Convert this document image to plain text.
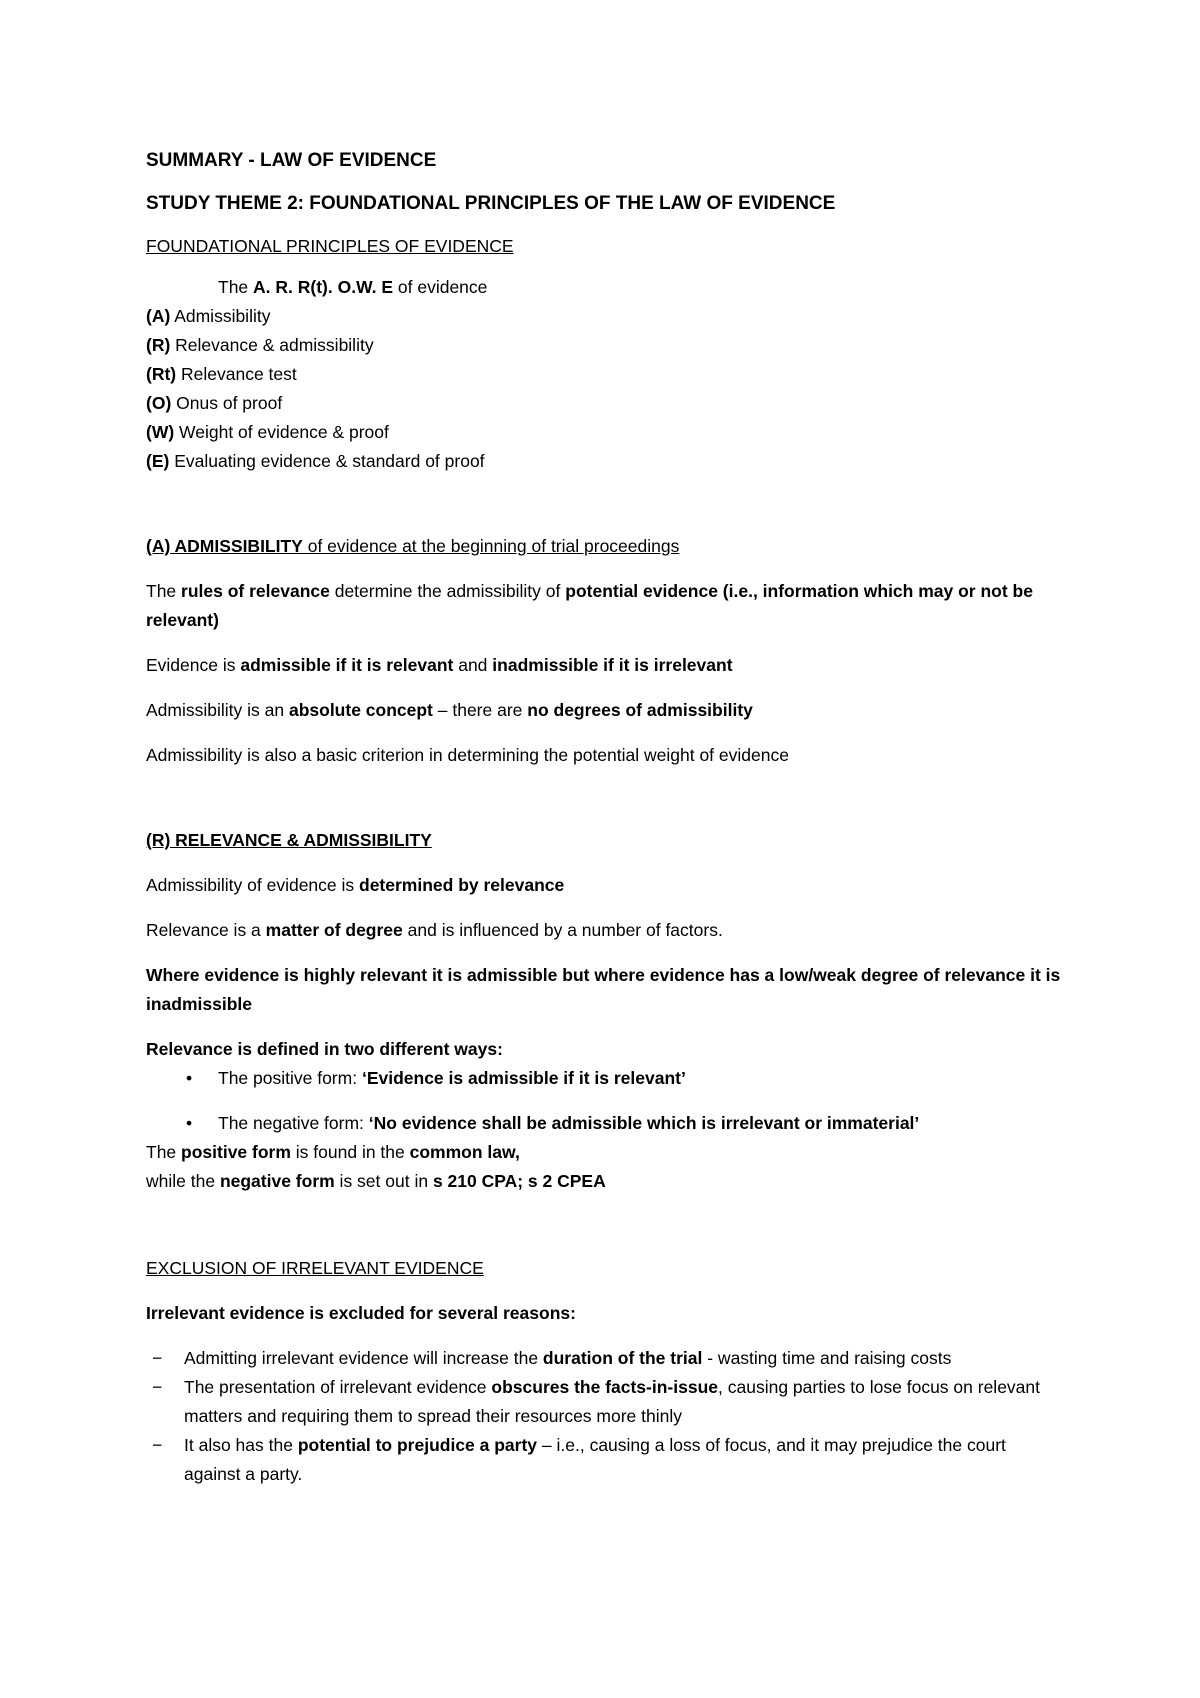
SUMMARY - LAW OF EVIDENCE

STUDY THEME 2: FOUNDATIONAL PRINCIPLES OF THE LAW OF EVIDENCE

FOUNDATIONAL PRINCIPLES OF EVIDENCE

The A. R. R(t). O.W. E of evidence

(A) Admissibility
(R) Relevance & admissibility
(Rt) Relevance test
(O) Onus of proof
(W) Weight of evidence & proof
(E) Evaluating evidence & standard of proof

(A) ADMISSIBILITY of evidence at the beginning of trial proceedings

The rules of relevance determine the admissibility of potential evidence (i.e., information which may or not be relevant)

Evidence is admissible if it is relevant and inadmissible if it is irrelevant

Admissibility is an absolute concept – there are no degrees of admissibility

Admissibility is also a basic criterion in determining the potential weight of evidence

(R) RELEVANCE & ADMISSIBILITY

Admissibility of evidence is determined by relevance

Relevance is a matter of degree and is influenced by a number of factors.

Where evidence is highly relevant it is admissible but where evidence has a low/weak degree of relevance it is inadmissible

Relevance is defined in two different ways:

• The positive form: ‘Evidence is admissible if it is relevant’
• The negative form: ‘No evidence shall be admissible which is irrelevant or immaterial’

The positive form is found in the common law,

while the negative form is set out in s 210 CPA; s 2 CPEA

EXCLUSION OF IRRELEVANT EVIDENCE

Irrelevant evidence is excluded for several reasons:

− Admitting irrelevant evidence will increase the duration of the trial - wasting time and raising costs
− The presentation of irrelevant evidence obscures the facts-in-issue, causing parties to lose focus on relevant matters and requiring them to spread their resources more thinly
− It also has the potential to prejudice a party – i.e., causing a loss of focus, and it may prejudice the court against a party.
